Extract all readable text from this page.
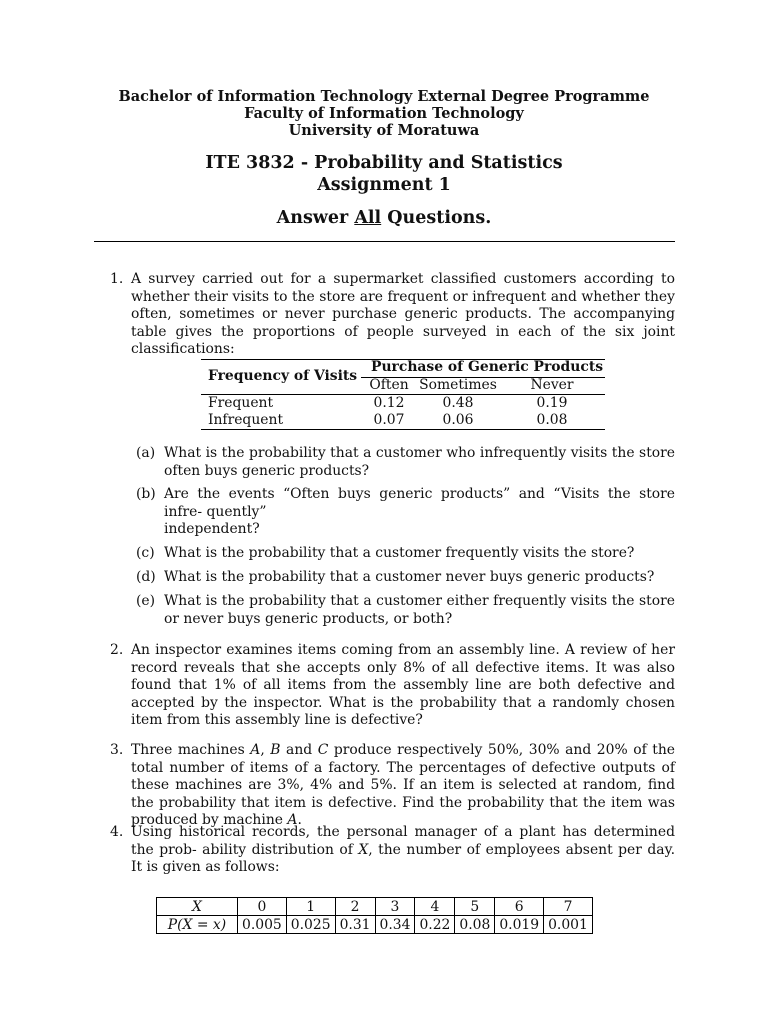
Bachelor of Information Technology External Degree Programme
Faculty of Information Technology
University of Moratuwa
ITE 3832 - Probability and Statistics
Assignment 1
Answer All Questions.
1. A survey carried out for a supermarket classified customers according to whether their visits to the store are frequent or infrequent and whether they often, sometimes or never purchase generic products. The accompanying table gives the proportions of people surveyed in each of the six joint classifications:
Frequency of Visits
Purchase of Generic Products
Often Sometimes	Never
Frequent	0.12	0.48	0.19
Infrequent	0.07	0.06	0.08
(a) What is the probability that a customer who infrequently visits the store often buys generic products?
(b) Are the events “Often buys generic products” and “Visits the store infre- quently”
independent?
(c) What is the probability that a customer frequently visits the store?
(d) What is the probability that a customer never buys generic products?
(e) What is the probability that a customer either frequently visits the store or never buys generic products, or both?
2. An inspector examines items coming from an assembly line. A review of her record reveals that she accepts only 8% of all defective items. It was also found that 1% of all items from the assembly line are both defective and accepted by the inspector. What is the probability that a randomly chosen item from this assembly line is defective?
3. Three machines A, B and C produce respectively 50%, 30% and 20% of the total number of items of a factory. The percentages of defective outputs of these machines are 3%, 4% and 5%. If an item is selected at random, find the probability that item is defective. Find the probability that the item was produced by machine A.
4. Using historical records, the personal manager of a plant has determined the prob- ability distribution of X, the number of employees absent per day. It is given as follows:
X	0	1	2	3	4	5	6	7
P(X = x)	0.005	0.025	0.31	0.34	0.22	0.08	0.019	0.001
